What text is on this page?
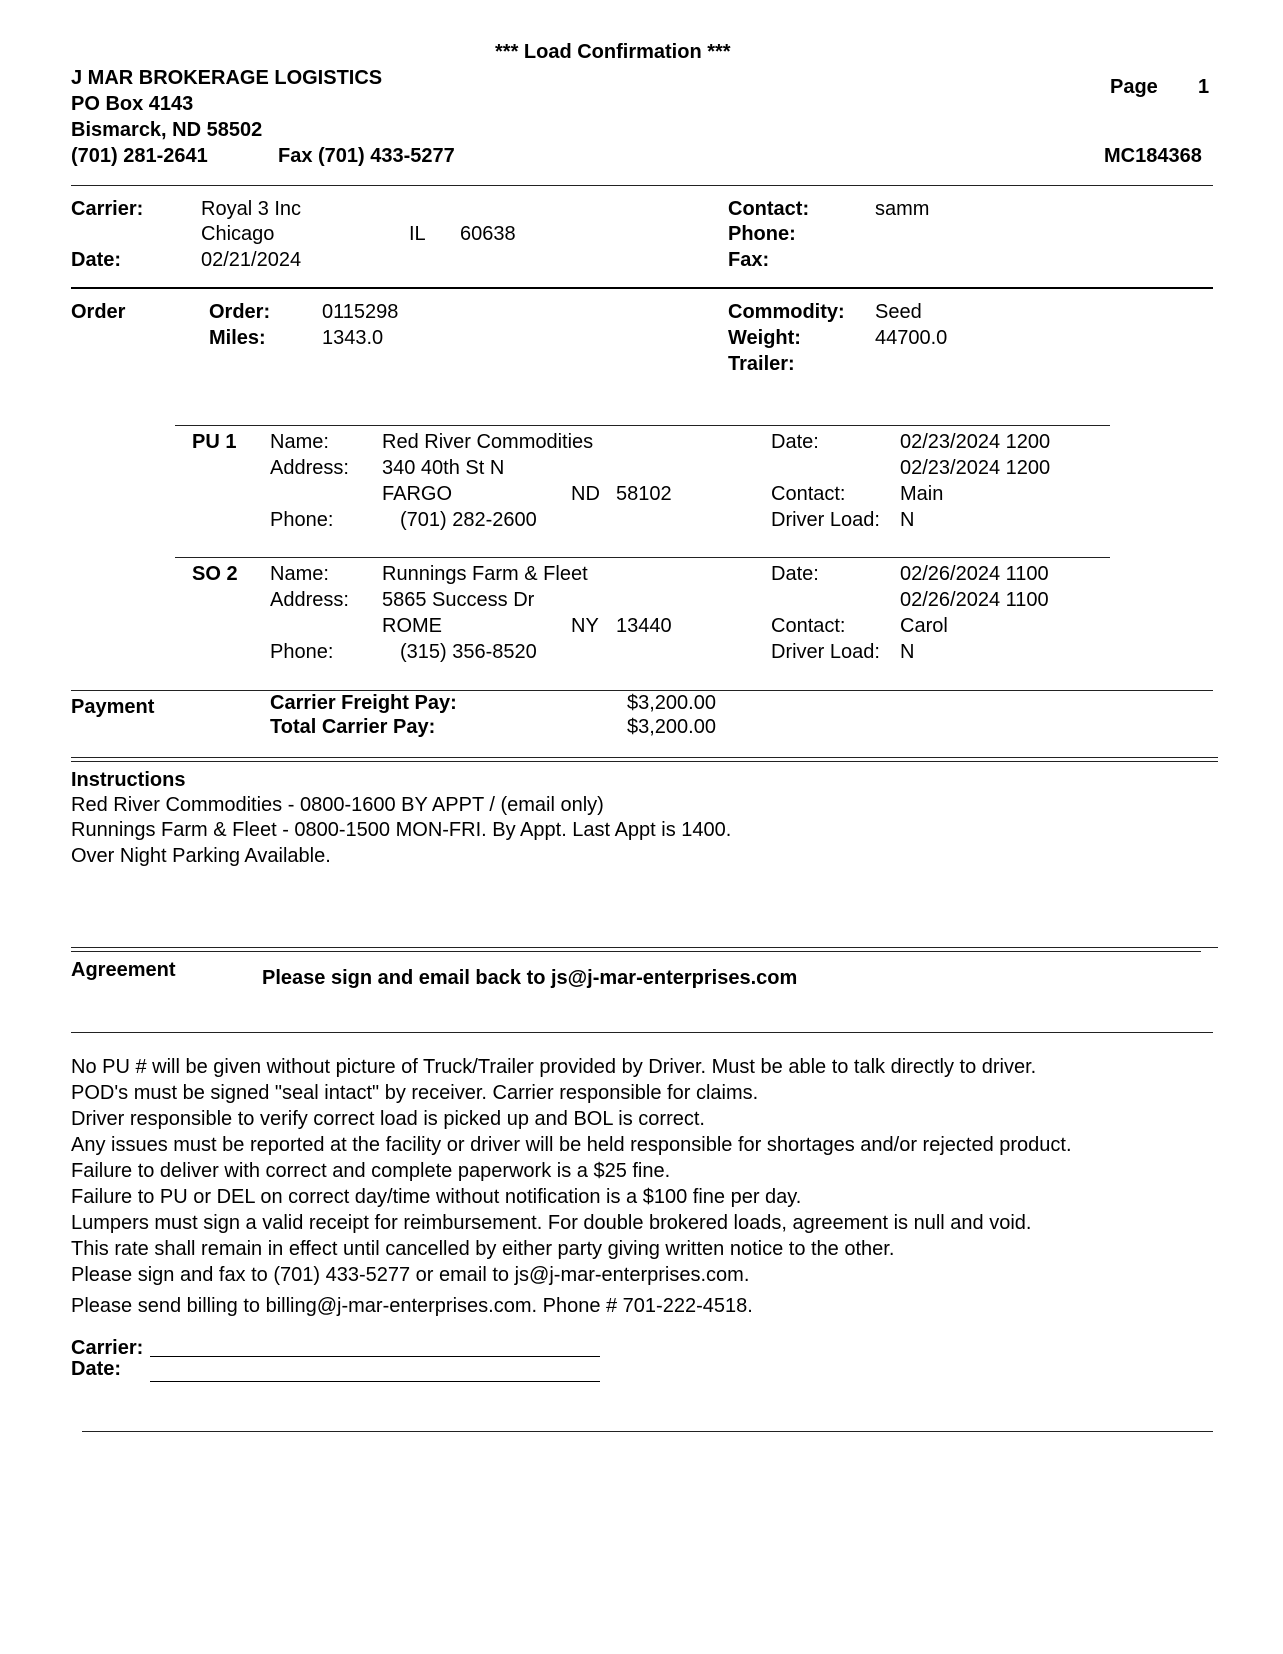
*** Load Confirmation ***
J MAR BROKERAGE LOGISTICS
PO Box 4143
Bismarck, ND 58502
(701) 281-2641	Fax (701) 433-5277
Page 1
MC184368
Carrier:	Royal 3 Inc
Chicago	IL 60638
Date:	02/21/2024
Contact:	samm
Phone:
Fax:
Order	Order:	0115298
Miles:	1343.0
Commodity: Seed
Weight:	44700.0
Trailer:
PU 1 Name:	Red River Commodities
Address: 340 40th St N
FARGO	ND 58102
Phone:	(701) 282-2600
Date:	02/23/2024 1200
02/23/2024 1200
Contact:	Main
Driver Load: N
SO 2 Name:	Runnings Farm & Fleet
Address: 5865 Success Dr
ROME	NY 13440
Phone:	(315) 356-8520
Date:	02/26/2024 1100
02/26/2024 1100
Contact:	Carol
Driver Load: N
Payment	Carrier Freight Pay:	$3,200.00
Total Carrier Pay:	$3,200.00
Instructions
Red River Commodities - 0800-1600 BY APPT / (email only)
Runnings Farm & Fleet - 0800-1500 MON-FRI. By Appt. Last Appt is 1400.
Over Night Parking Available.
Agreement	Please sign and email back to js@j-mar-enterprises.com
No PU # will be given without picture of Truck/Trailer provided by Driver. Must be able to talk directly to driver.
POD's must be signed "seal intact" by receiver. Carrier responsible for claims.
Driver responsible to verify correct load is picked up and BOL is correct.
Any issues must be reported at the facility or driver will be held responsible for shortages and/or rejected product.
Failure to deliver with correct and complete paperwork is a $25 fine.
Failure to PU or DEL on correct day/time without notification is a $100 fine per day.
Lumpers must sign a valid receipt for reimbursement. For double brokered loads, agreement is null and void.
This rate shall remain in effect until cancelled by either party giving written notice to the other.
Please sign and fax to (701) 433-5277 or email to js@j-mar-enterprises.com.
Please send billing to billing@j-mar-enterprises.com. Phone # 701-222-4518.
Carrier:
Date:
